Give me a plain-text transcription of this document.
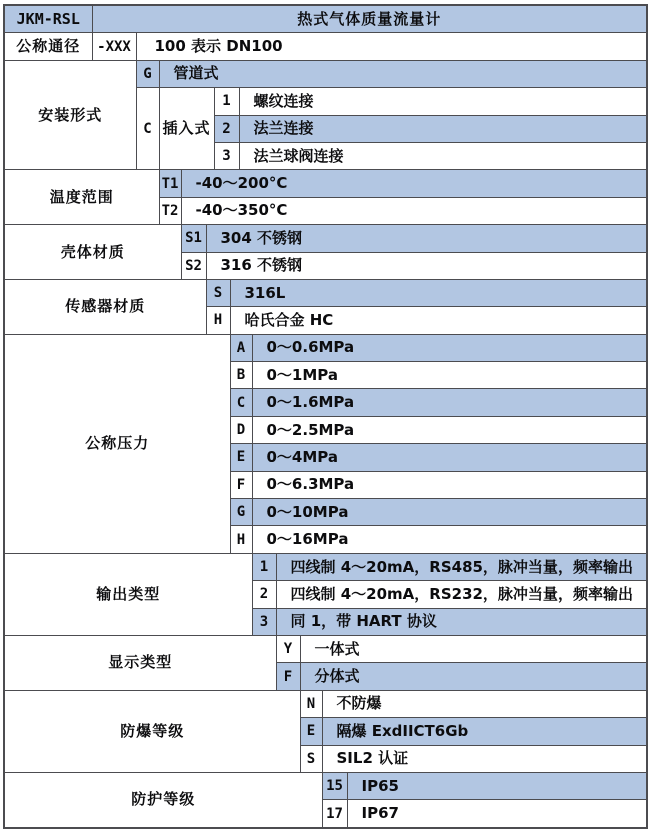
JKM-RSL	热式气体质量流量计												
公称通径	-XXX	100 表示 DN100											
安装形式		G	管道式										
		C	插入式			1		螺纹连接					
						2		法兰连接					
						3		法兰球阀连接					
温度范围			T1	-40～200°C									
			T2	-40～350°C									
壳体材质				S1	304 不锈钢								
				S2	316 不锈钢								
传感器材质					S		316L						
					H		哈氏合金 HC						
公称压力							A		0～0.6MPa				
							B		0～1MPa				
							C		0～1.6MPa				
							D		0～2.5MPa				
							E		0～4MPa				
							F		0～6.3MPa				
							G		0～10MPa				
							H		0～16MPa				
输出类型									1	四线制 4～20mA，RS485，脉冲当量，频率输出			
									2	四线制 4～20mA，RS232，脉冲当量，频率输出			
									3	同 1，带 HART 协议			
显示类型										Y	一体式		
										F	分体式		
防爆等级											N	不防爆	
											E	隔爆 ExdIICT6Gb	
											S	SIL2 认证	
防护等级												15	IP65
												17	IP67
